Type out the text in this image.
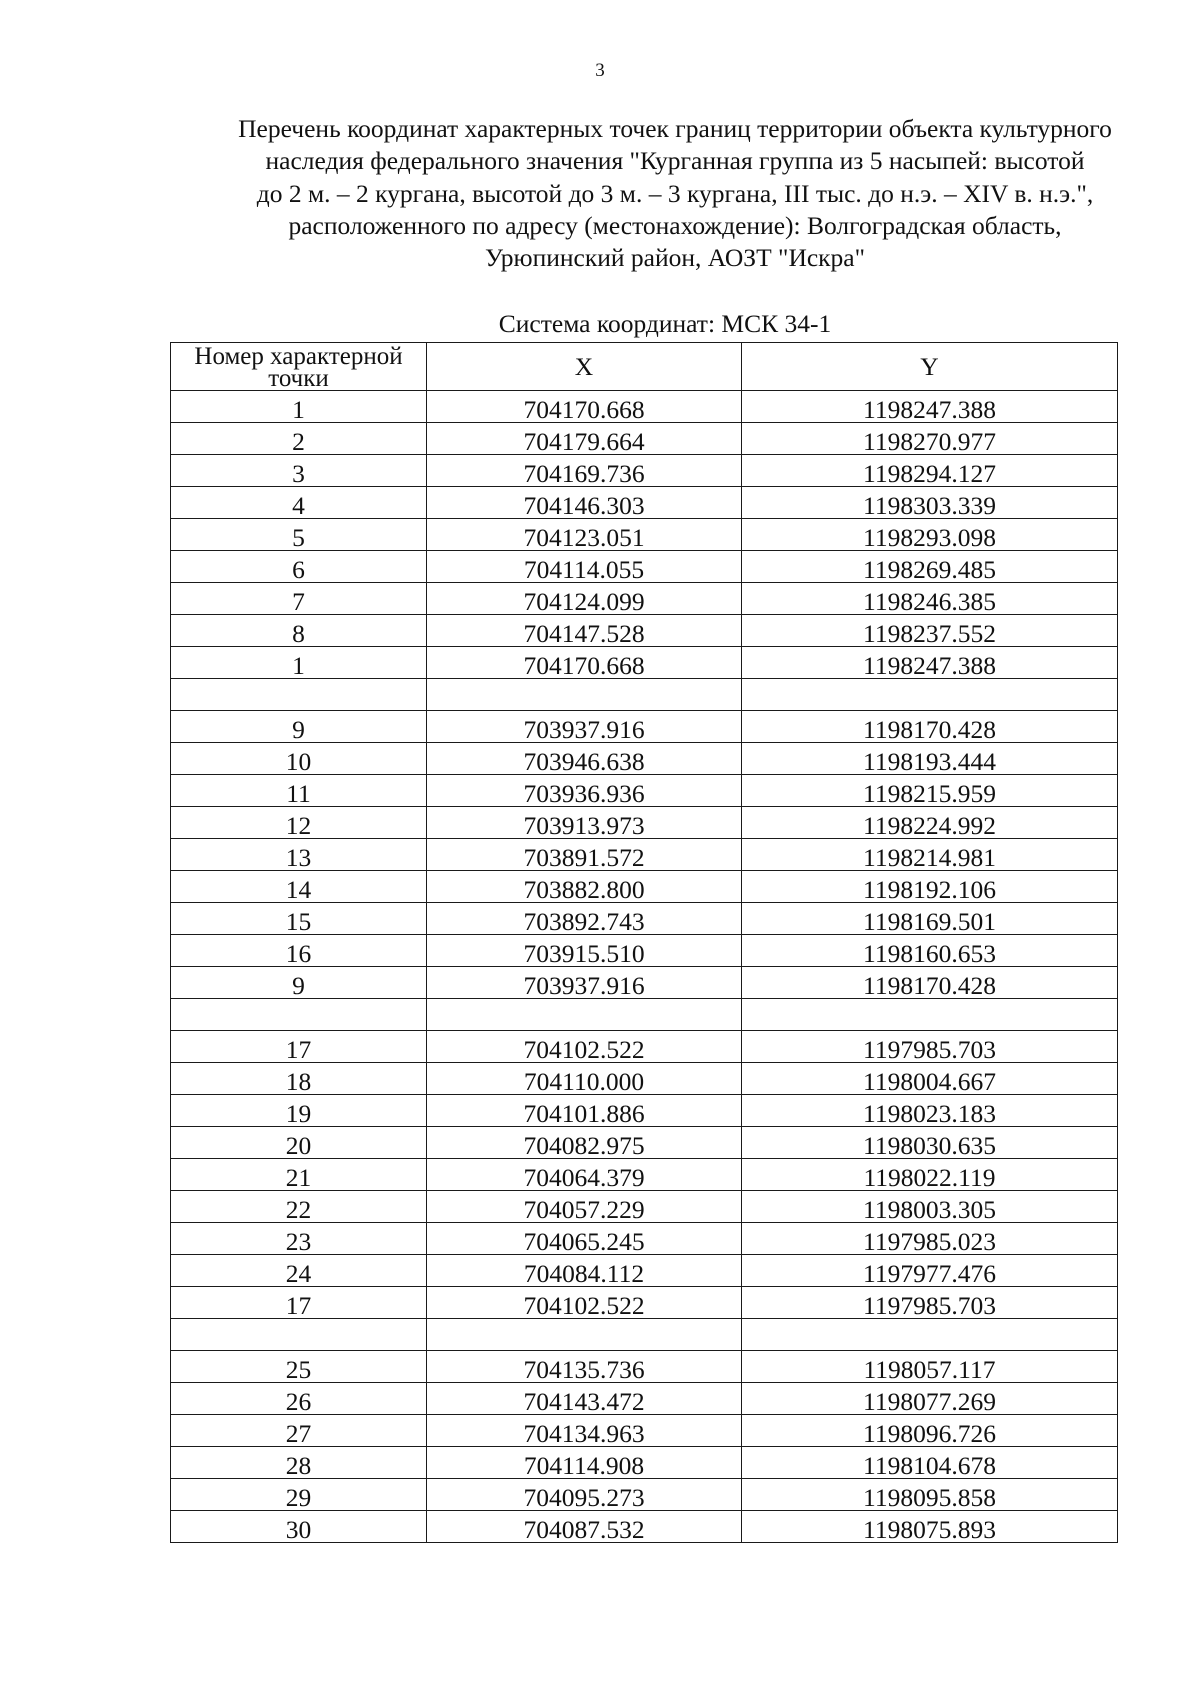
3
Перечень координат характерных точек границ территории объекта культурного
наследия федерального значения "Курганная группа из 5 насыпей: высотой
до 2 м. – 2 кургана, высотой до 3 м. – 3 кургана, III тыс. до н.э. – XIV в. н.э.",
расположенного по адресу (местонахождение): Волгоградская область,
Урюпинский район, АОЗТ "Искра"
Система координат: МСК 34-1
Номер характерной
точки	X	Y
1	704170.668	1198247.388
2	704179.664	1198270.977
3	704169.736	1198294.127
4	704146.303	1198303.339
5	704123.051	1198293.098
6	704114.055	1198269.485
7	704124.099	1198246.385
8	704147.528	1198237.552
1	704170.668	1198247.388

9	703937.916	1198170.428
10	703946.638	1198193.444
11	703936.936	1198215.959
12	703913.973	1198224.992
13	703891.572	1198214.981
14	703882.800	1198192.106
15	703892.743	1198169.501
16	703915.510	1198160.653
9	703937.916	1198170.428

17	704102.522	1197985.703
18	704110.000	1198004.667
19	704101.886	1198023.183
20	704082.975	1198030.635
21	704064.379	1198022.119
22	704057.229	1198003.305
23	704065.245	1197985.023
24	704084.112	1197977.476
17	704102.522	1197985.703

25	704135.736	1198057.117
26	704143.472	1198077.269
27	704134.963	1198096.726
28	704114.908	1198104.678
29	704095.273	1198095.858
30	704087.532	1198075.893
